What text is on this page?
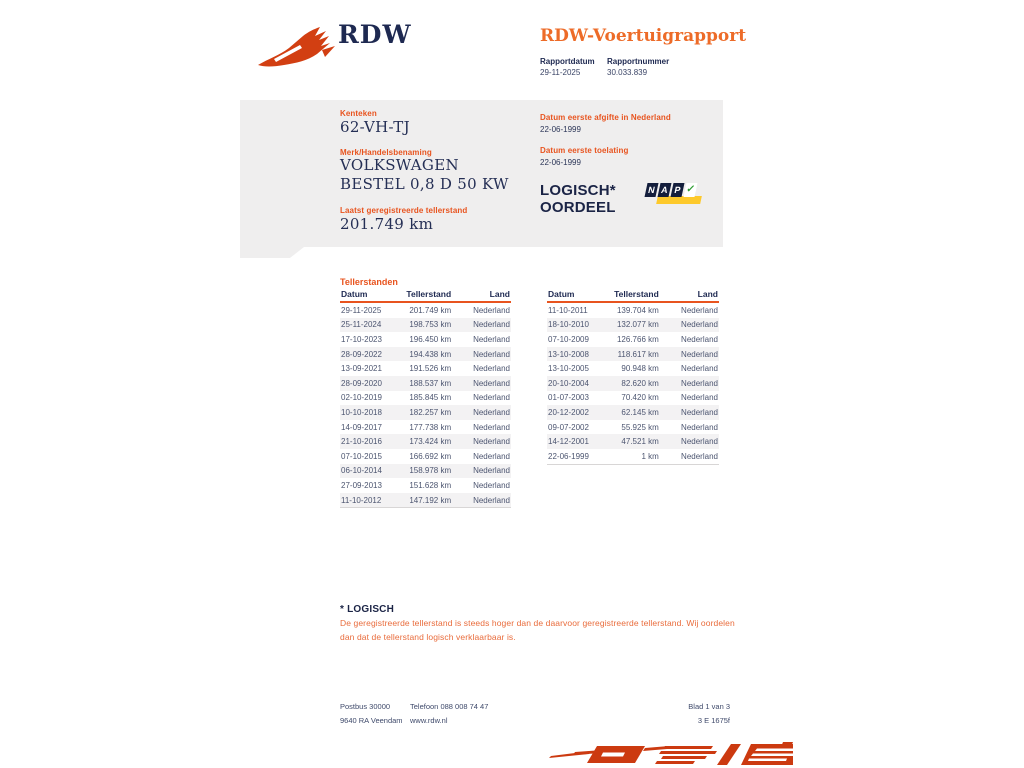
RDW	RDW-Voertuigrapport
Rapportdatum Rapportnummer
29-11-2025	30.033.839
Kenteken
62-VH-TJ
Merk/Handelsbenaming
VOLKSWAGEN
BESTEL 0,8 D 50 KW
Laatst geregistreerde tellerstand
201.749 km
Datum eerste afgifte in Nederland
22-06-1999
Datum eerste toelating
22-06-1999
LOGISCH*
OORDEEL
N A P ✓
Tellerstanden
Datum	Tellerstand	Land
29-11-2025	201.749 km	Nederland
25-11-2024	198.753 km	Nederland
17-10-2023	196.450 km	Nederland
28-09-2022	194.438 km	Nederland
13-09-2021	191.526 km	Nederland
28-09-2020	188.537 km	Nederland
02-10-2019	185.845 km	Nederland
10-10-2018	182.257 km	Nederland
14-09-2017	177.738 km	Nederland
21-10-2016	173.424 km	Nederland
07-10-2015	166.692 km	Nederland
06-10-2014	158.978 km	Nederland
27-09-2013	151.628 km	Nederland
11-10-2012	147.192 km	Nederland
Datum	Tellerstand	Land
11-10-2011	139.704 km	Nederland
18-10-2010	132.077 km	Nederland
07-10-2009	126.766 km	Nederland
13-10-2008	118.617 km	Nederland
13-10-2005	90.948 km	Nederland
20-10-2004	82.620 km	Nederland
01-07-2003	70.420 km	Nederland
20-12-2002	62.145 km	Nederland
09-07-2002	55.925 km	Nederland
14-12-2001	47.521 km	Nederland
22-06-1999	1 km	Nederland
* LOGISCH
De geregistreerde tellerstand is steeds hoger dan de daarvoor geregistreerde tellerstand. Wij oordelen dan dat de tellerstand logisch verklaarbaar is.
Postbus 30000
9640 RA Veendam
Telefoon 088 008 74 47
www.rdw.nl
Blad 1 van 3
3 E 1675f
